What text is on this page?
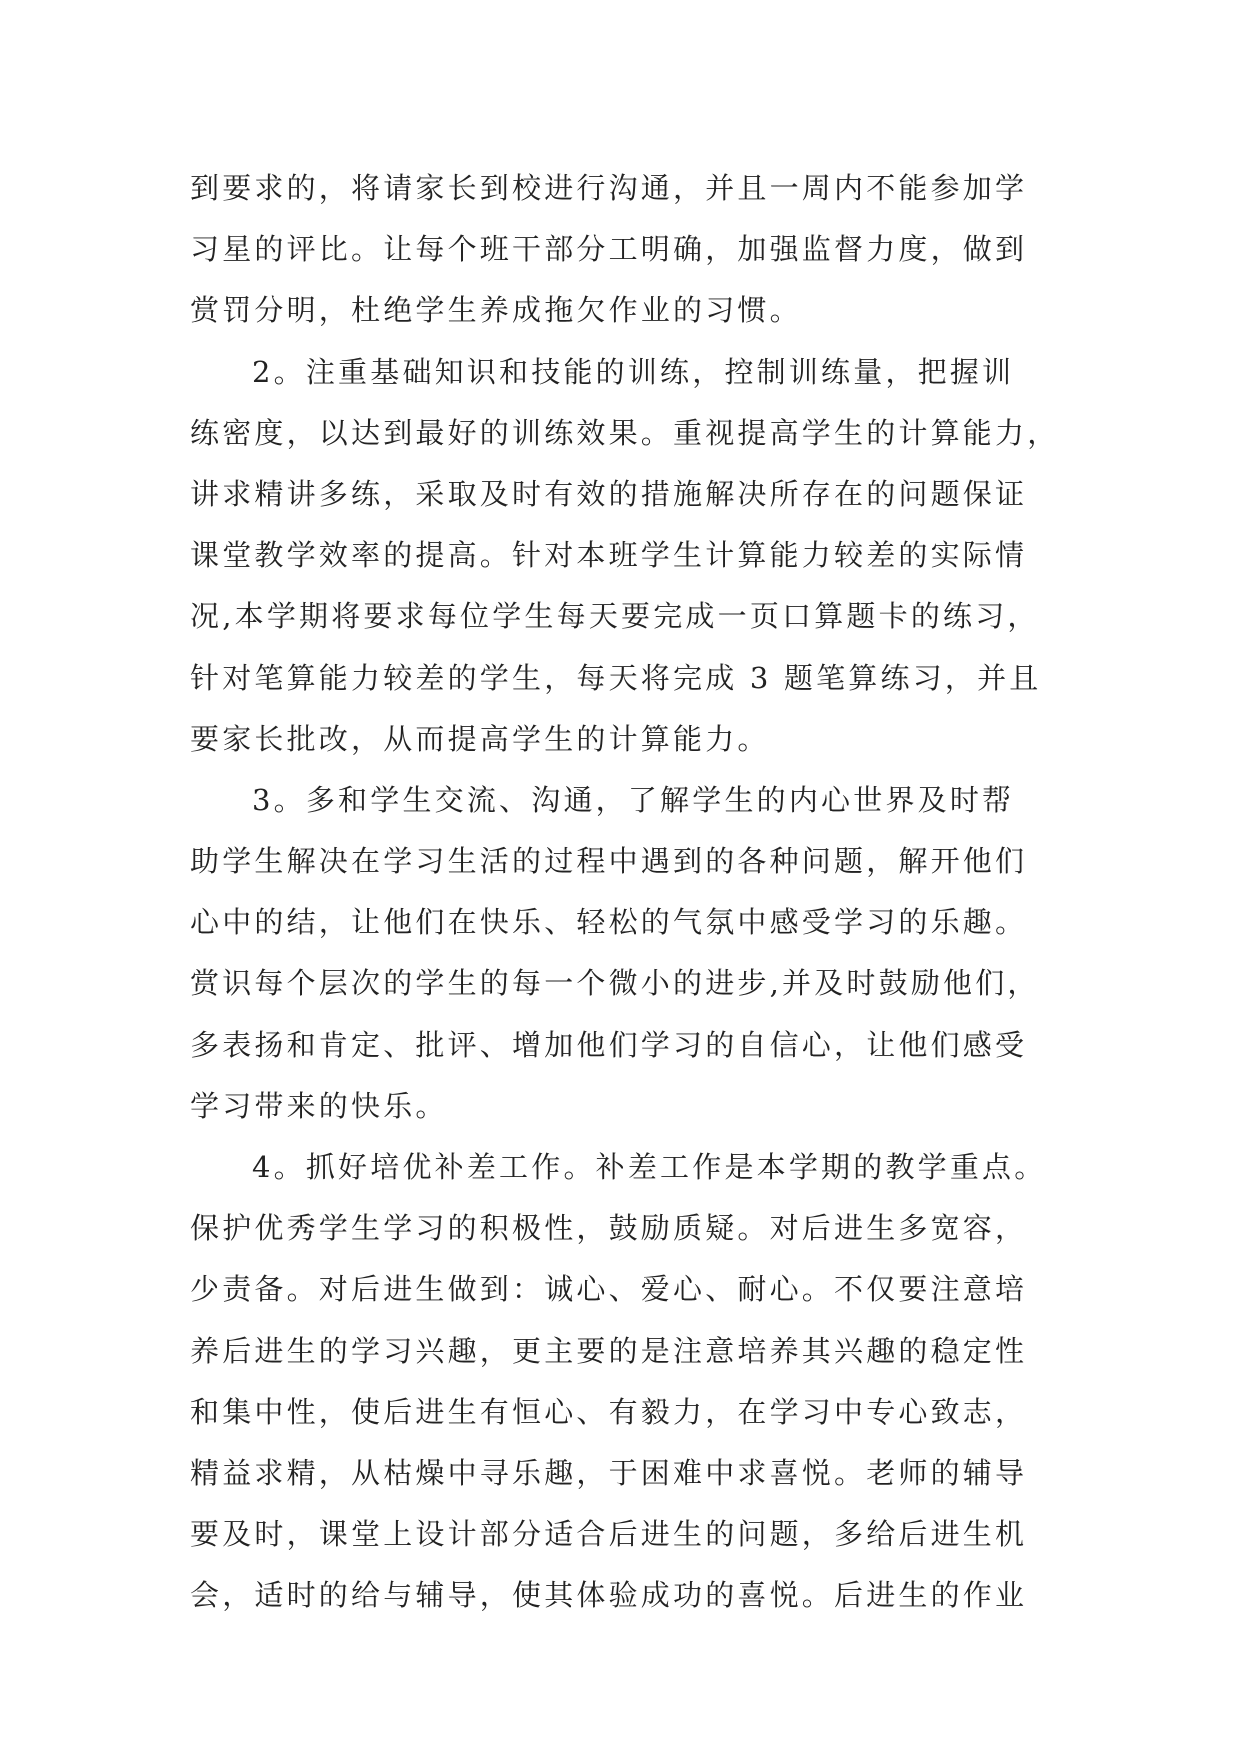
到要求的，将请家长到校进行沟通，并且一周内不能参加学
习星的评比。让每个班干部分工明确，加强监督力度，做到
赏罚分明，杜绝学生养成拖欠作业的习惯。
2。注重基础知识和技能的训练，控制训练量，把握训
练密度，以达到最好的训练效果。重视提高学生的计算能力，
讲求精讲多练，采取及时有效的措施解决所存在的问题保证
课堂教学效率的提高。针对本班学生计算能力较差的实际情
况,本学期将要求每位学生每天要完成一页口算题卡的练习，
针对笔算能力较差的学生，每天将完成 3 题笔算练习，并且
要家长批改，从而提高学生的计算能力。
3。多和学生交流、沟通，了解学生的内心世界及时帮
助学生解决在学习生活的过程中遇到的各种问题，解开他们
心中的结，让他们在快乐、轻松的气氛中感受学习的乐趣。
赏识每个层次的学生的每一个微小的进步,并及时鼓励他们，
多表扬和肯定、批评、增加他们学习的自信心，让他们感受
学习带来的快乐。
4。抓好培优补差工作。补差工作是本学期的教学重点。
保护优秀学生学习的积极性，鼓励质疑。对后进生多宽容，
少责备。对后进生做到：诚心、爱心、耐心。不仅要注意培
养后进生的学习兴趣，更主要的是注意培养其兴趣的稳定性
和集中性，使后进生有恒心、有毅力，在学习中专心致志，
精益求精，从枯燥中寻乐趣，于困难中求喜悦。老师的辅导
要及时，课堂上设计部分适合后进生的问题，多给后进生机
会，适时的给与辅导，使其体验成功的喜悦。后进生的作业
